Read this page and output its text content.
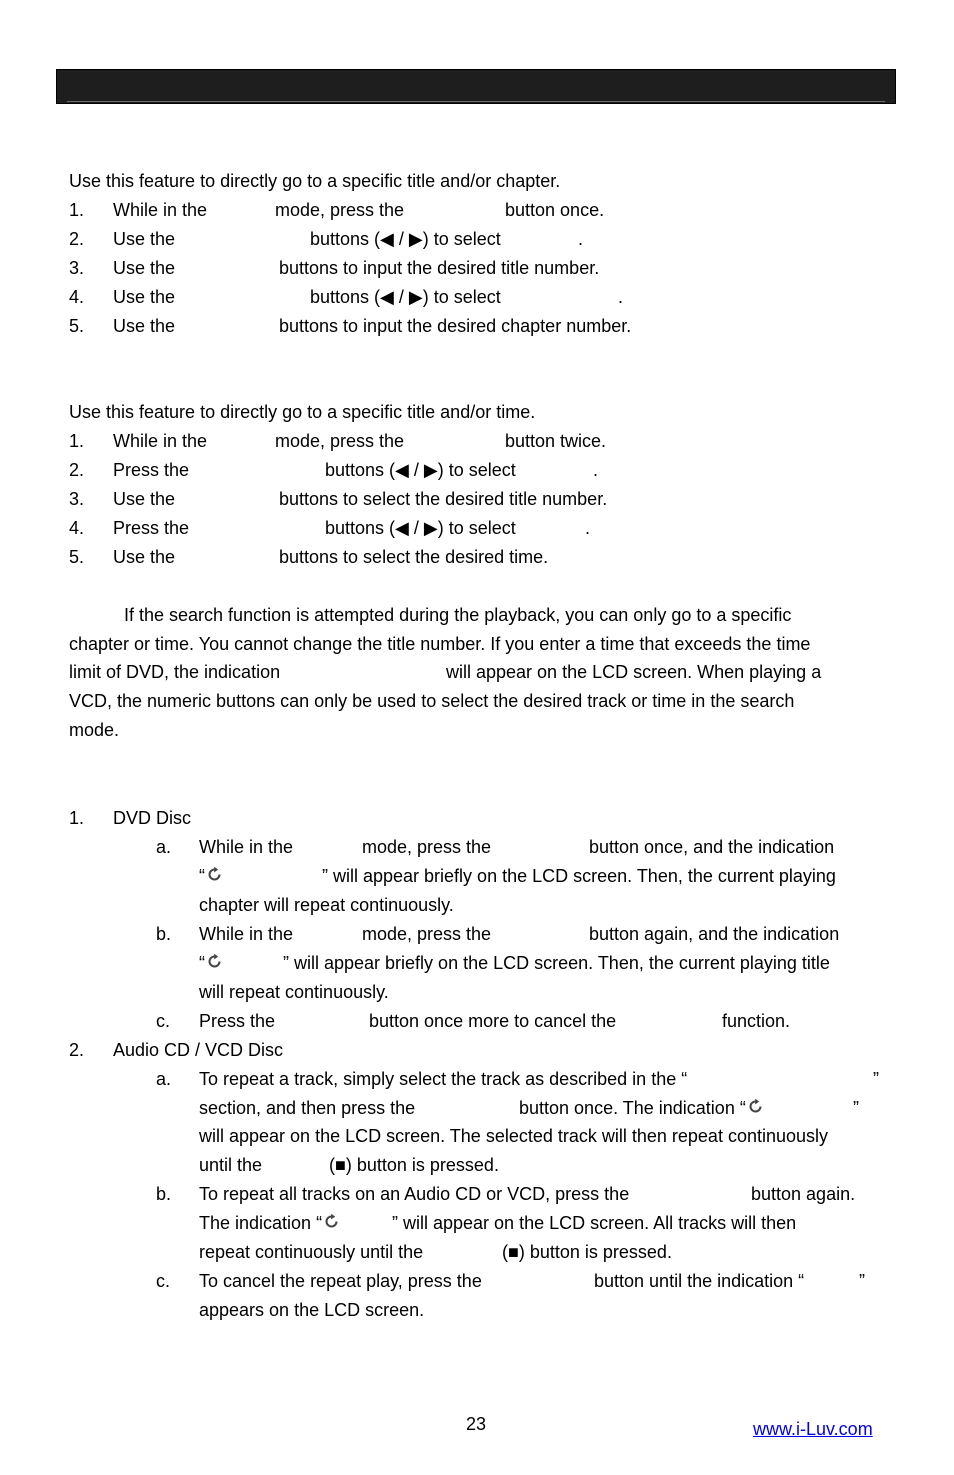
Use this feature to directly go to a specific title and/or chapter.
1. While in the	mode, press the	button once.
2. Use the	buttons (◀ / ▶) to select	.
3. Use the	buttons to input the desired title number.
4. Use the	buttons (◀ / ▶) to select	.
5. Use the	buttons to input the desired chapter number.
Use this feature to directly go to a specific title and/or time.
1. While in the	mode, press the	button twice.
2. Press the	buttons (◀ / ▶) to select	.
3. Use the	buttons to select the desired title number.
4. Press the	buttons (◀ / ▶) to select	.
5. Use the	buttons to select the desired time.
If the search function is attempted during the playback, you can only go to a specific
chapter or time. You cannot change the title number. If you enter a time that exceeds the time
limit of DVD, the indication	will appear on the LCD screen. When playing a
VCD, the numeric buttons can only be used to select the desired track or time in the search
mode.
1. DVD Disc
a. While in the	mode, press the	button once, and the indication
“	” will appear briefly on the LCD screen. Then, the current playing
chapter will repeat continuously.
b. While in the	mode, press the	button again, and the indication
“	” will appear briefly on the LCD screen. Then, the current playing title
will repeat continuously.
c. Press the	button once more to cancel the	function.
2. Audio CD / VCD Disc
a. To repeat a track, simply select the track as described in the “	”
section, and then press the	button once. The indication “	”
will appear on the LCD screen. The selected track will then repeat continuously
until the	(■) button is pressed.
b. To repeat all tracks on an Audio CD or VCD, press the	button again.
The indication “	” will appear on the LCD screen. All tracks will then
repeat continuously until the	(■) button is pressed.
c. To cancel the repeat play, press the	button until the indication “	”
appears on the LCD screen.
23	www.i-Luv.com
